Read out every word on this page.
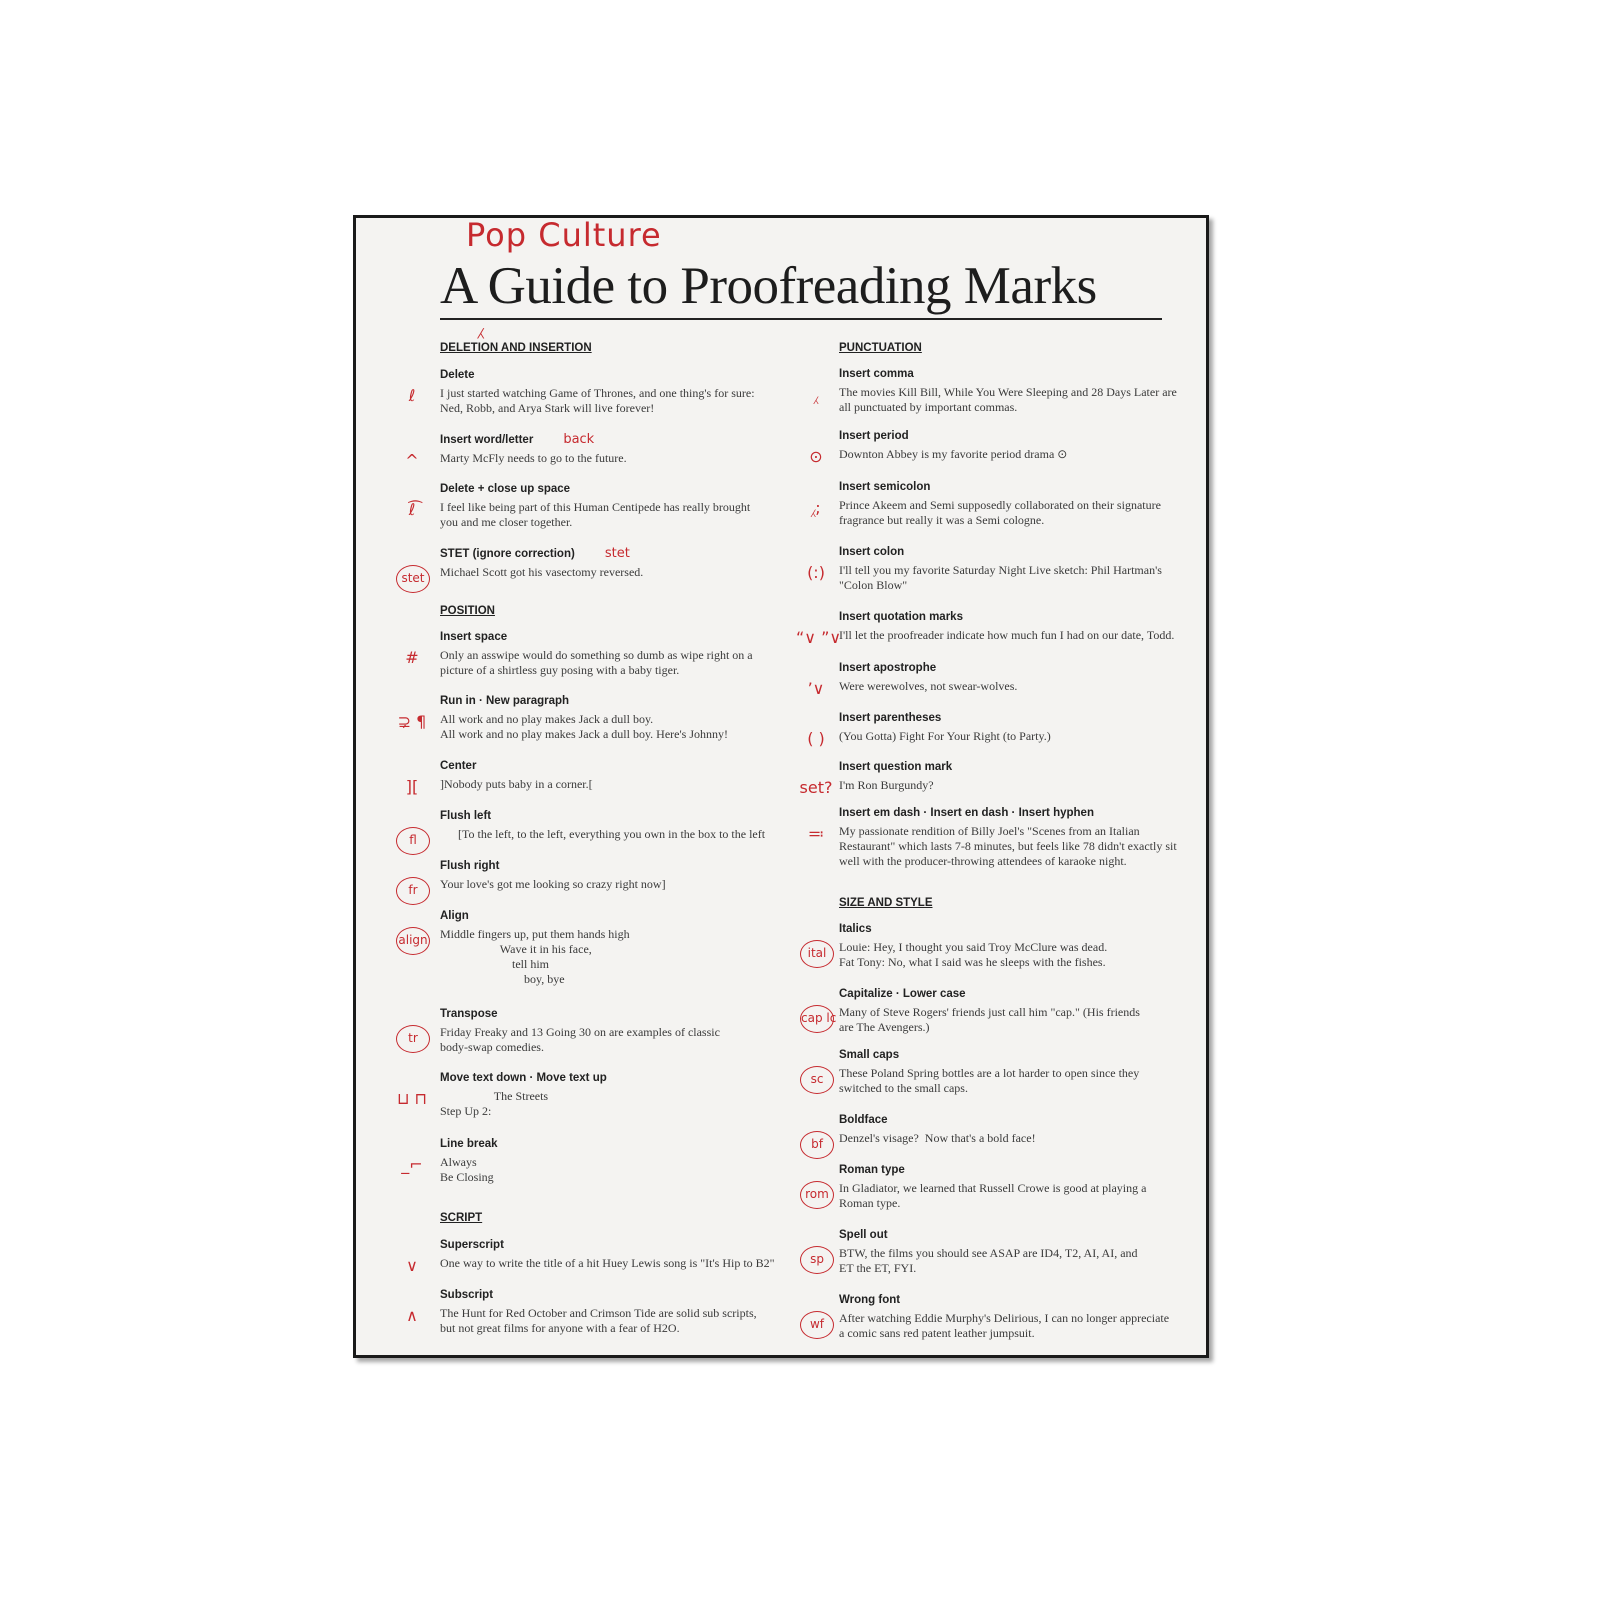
Pop Culture
A Guide to Proofreading Marks
⁁
DELETION AND INSERTION
Delete
I just started watching Game of Thrones, and one thing's for sure:
Ned, Robb, and Arya Stark will live forever!
ℓ
Insert word/letter back
Marty McFly needs to go to the future.
^
Delete + close up space
I feel like being part of this Human Centipede has really brought
you and me closer together.
ℓ͡
STET (ignore correction) stet
Michael Scott got his vasectomy reversed.
stet
POSITION
Insert space
Only an asswipe would do something so dumb as wipe right on a
picture of a shirtless guy posing with a baby tiger.
#
Run in · New paragraph
All work and no play makes Jack a dull boy.
All work and no play makes Jack a dull boy. Here's Johnny!
⊋ ¶
Center
]Nobody puts baby in a corner.[
][
Flush left
[To the left, to the left, everything you own in the box to the left
fl
Flush right
Your love's got me looking so crazy right now]
fr
Align
Middle fingers up, put them hands high
Wave it in his face,
tell him
boy, bye
align
Transpose
Friday Freaky and 13 Going 30 on are examples of classic
body-swap comedies.
tr
Move text down · Move text up
The Streets
Step Up 2:
⊔ ⊓
Line break
Always
Be Closing
_⌐
SCRIPT
Superscript
One way to write the title of a hit Huey Lewis song is "It's Hip to B2"
∨
Subscript
The Hunt for Red October and Crimson Tide are solid sub scripts,
but not great films for anyone with a fear of H2O.
∧
PUNCTUATION
Insert comma
The movies Kill Bill, While You Were Sleeping and 28 Days Later are
all punctuated by important commas.
⁁
Insert period
Downton Abbey is my favorite period drama ⊙
⊙
Insert semicolon
Prince Akeem and Semi supposedly collaborated on their signature
fragrance but really it was a Semi cologne.
⁁;
Insert colon
I'll tell you my favorite Saturday Night Live sketch: Phil Hartman's
"Colon Blow"
(:)
Insert quotation marks
I'll let the proofreader indicate how much fun I had on our date, Todd.
“∨ ”∨
Insert apostrophe
Were werewolves, not swear-wolves.
’∨
Insert parentheses
(You Gotta) Fight For Your Right (to Party.)
( )
Insert question mark
I'm Ron Burgundy?
set?
Insert em dash · Insert en dash · Insert hyphen
My passionate rendition of Billy Joel's "Scenes from an Italian
Restaurant" which lasts 7-8 minutes, but feels like 78 didn't exactly sit
well with the producer-throwing attendees of karaoke night.
≕
SIZE AND STYLE
Italics
Louie: Hey, I thought you said Troy McClure was dead.
Fat Tony: No, what I said was he sleeps with the fishes.
ital
Capitalize · Lower case
Many of Steve Rogers' friends just call him "cap." (His friends
are The Avengers.)
cap lc
Small caps
These Poland Spring bottles are a lot harder to open since they
switched to the small caps.
sc
Boldface
Denzel's visage?  Now that's a bold face!
bf
Roman type
In Gladiator, we learned that Russell Crowe is good at playing a
Roman type.
rom
Spell out
BTW, the films you should see ASAP are ID4, T2, AI, AI, and
ET the ET, FYI.
sp
Wrong font
After watching Eddie Murphy's Delirious, I can no longer appreciate
a comic sans red patent leather jumpsuit.
wf
